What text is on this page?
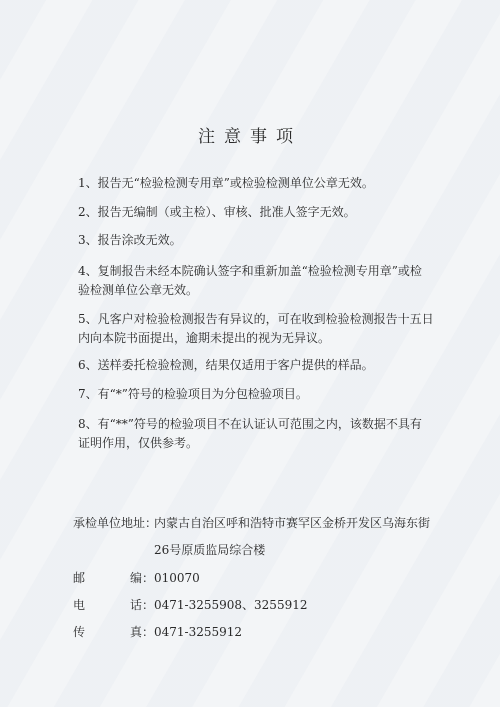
注意事项
1、报告无“检验检测专用章”或检验检测单位公章无效。
2、报告无编制（或主检）、审核、批准人签字无效。
3、报告涂改无效。
4、复制报告未经本院确认签字和重新加盖“检验检测专用章”或检
验检测单位公章无效。
5、凡客户对检验检测报告有异议的，可在收到检验检测报告十五日
内向本院书面提出，逾期未提出的视为无异议。
6、送样委托检验检测，结果仅适用于客户提供的样品。
7、有“*”符号的检验项目为分包检验项目。
8、有“**”符号的检验项目不在认证认可范围之内，该数据不具有
证明作用，仅供参考。
承检单位地址：
内蒙古自治区呼和浩特市赛罕区金桥开发区乌海东街
26号原质监局综合楼
邮	编： 010070
电	话： 0471-3255908、3255912
传	真： 0471-3255912
